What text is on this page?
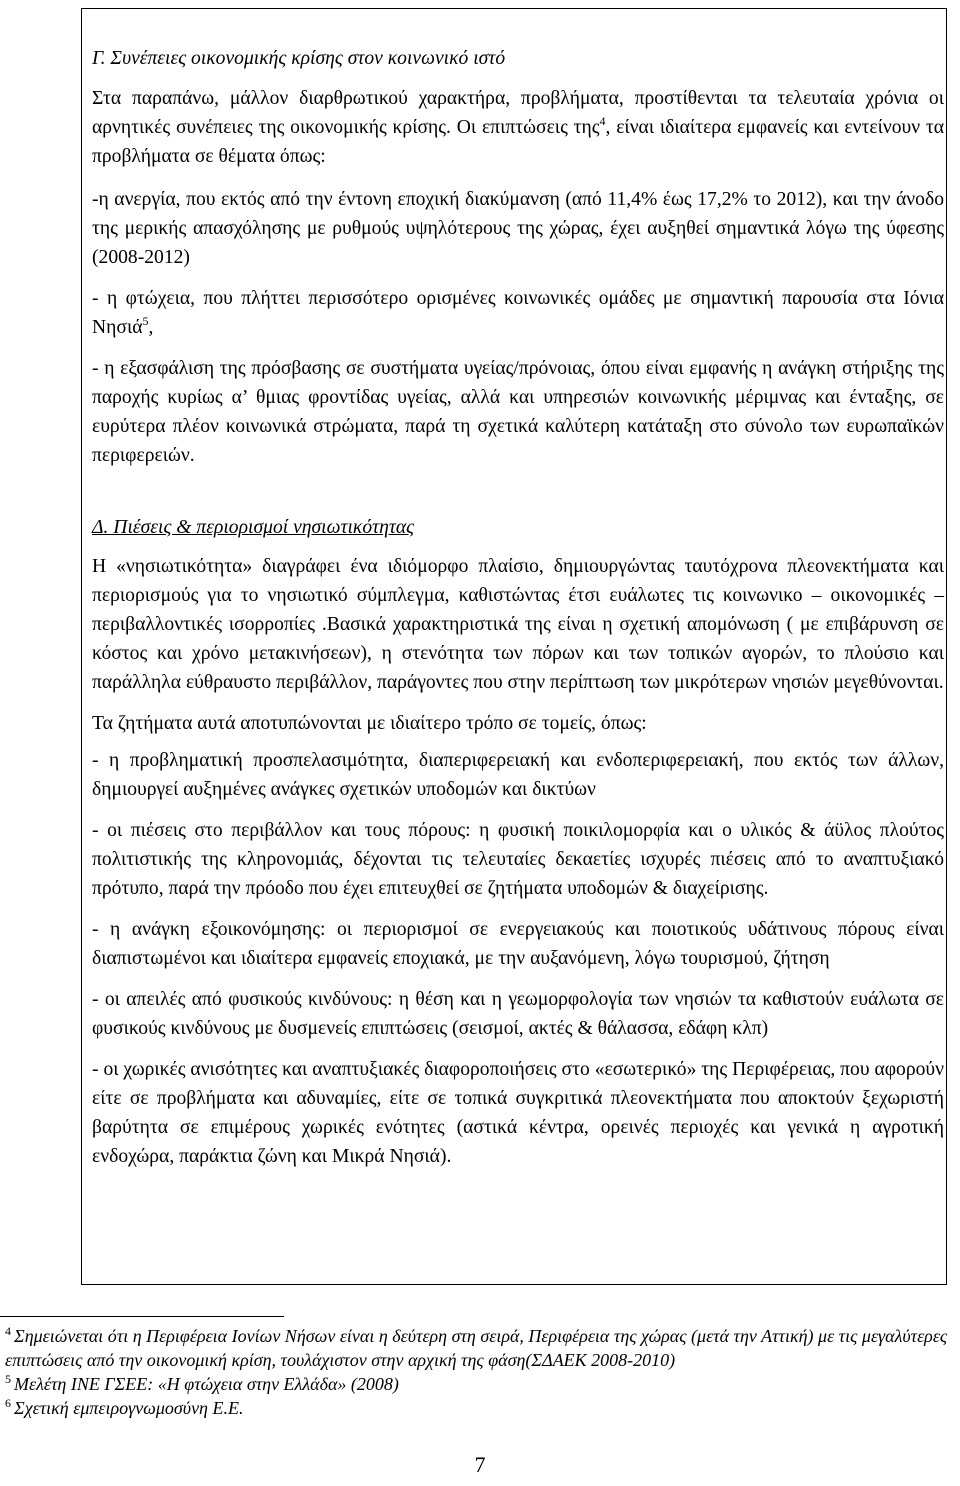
Γ. Συνέπειες οικονομικής κρίσης στον κοινωνικό ιστό

Στα παραπάνω, μάλλον διαρθρωτικού χαρακτήρα, προβλήματα, προστίθενται τα τελευταία χρόνια οι αρνητικές συνέπειες της οικονομικής κρίσης. Οι επιπτώσεις της$^4$, είναι ιδιαίτερα εμφανείς και εντείνουν τα προβλήματα σε θέματα όπως:

-η ανεργία, που εκτός από την έντονη εποχική διακύμανση (από 11,4% έως 17,2% το 2012), και την άνοδο της μερικής απασχόλησης με ρυθμούς υψηλότερους της χώρας, έχει αυξηθεί σημαντικά λόγω της ύφεσης (2008-2012)

- η φτώχεια, που πλήττει περισσότερο ορισμένες κοινωνικές ομάδες με σημαντική παρουσία στα Ιόνια Νησιά$^5$,

- η εξασφάλιση της πρόσβασης σε συστήματα υγείας/πρόνοιας, όπου είναι εμφανής η ανάγκη στήριξης της παροχής κυρίως α’ θμιας φροντίδας υγείας, αλλά και υπηρεσιών κοινωνικής μέριμνας και ένταξης, σε ευρύτερα πλέον κοινωνικά στρώματα, παρά τη σχετικά καλύτερη κατάταξη στο σύνολο των ευρωπαϊκών περιφερειών.

Δ. Πιέσεις & περιορισμοί νησιωτικότητας

Η «νησιωτικότητα» διαγράφει ένα ιδιόμορφο πλαίσιο, δημιουργώντας ταυτόχρονα πλεονεκτήματα και περιορισμούς για το νησιωτικό σύμπλεγμα, καθιστώντας έτσι ευάλωτες τις κοινωνικο – οικονομικές – περιβαλλοντικές ισορροπίες .Βασικά χαρακτηριστικά της είναι η σχετική απομόνωση ( με επιβάρυνση σε κόστος και χρόνο μετακινήσεων), η στενότητα των πόρων και των τοπικών αγορών, το πλούσιο και παράλληλα εύθραυστο περιβάλλον, παράγοντες που στην περίπτωση των μικρότερων νησιών μεγεθύνονται.

Τα ζητήματα αυτά αποτυπώνονται με ιδιαίτερο τρόπο σε τομείς, όπως:

- η προβληματική προσπελασιμότητα, διαπεριφερειακή και ενδοπεριφερειακή, που εκτός των άλλων, δημιουργεί αυξημένες ανάγκες σχετικών υποδομών και δικτύων

- οι πιέσεις στο περιβάλλον και τους πόρους: η φυσική ποικιλομορφία και ο υλικός & άϋλος πλούτος πολιτιστικής της κληρονομιάς, δέχονται τις τελευταίες δεκαετίες ισχυρές πιέσεις από το αναπτυξιακό πρότυπο, παρά την πρόοδο που έχει επιτευχθεί σε ζητήματα υποδομών & διαχείρισης.

- η ανάγκη εξοικονόμησης: οι περιορισμοί σε ενεργειακούς και ποιοτικούς υδάτινους πόρους είναι διαπιστωμένοι και ιδιαίτερα εμφανείς εποχιακά, με την αυξανόμενη, λόγω τουρισμού, ζήτηση

- οι απειλές από φυσικούς κινδύνους: η θέση και η γεωμορφολογία των νησιών τα καθιστούν ευάλωτα σε φυσικούς κινδύνους με δυσμενείς επιπτώσεις (σεισμοί, ακτές & θάλασσα, εδάφη κλπ)

- οι χωρικές ανισότητες και αναπτυξιακές διαφοροποιήσεις στο «εσωτερικό» της Περιφέρειας, που αφορούν είτε σε προβλήματα και αδυναμίες, είτε σε τοπικά συγκριτικά πλεονεκτήματα που αποκτούν ξεχωριστή βαρύτητα σε επιμέρους χωρικές ενότητες (αστικά κέντρα, ορεινές περιοχές και γενικά η αγροτική ενδοχώρα, παράκτια ζώνη και Μικρά Νησιά).

$^4$ Σημειώνεται ότι η Περιφέρεια Ιονίων Νήσων είναι η δεύτερη στη σειρά, Περιφέρεια της χώρας (μετά την Αττική) με τις μεγαλύτερες επιπτώσεις από την οικονομική κρίση, τουλάχιστον στην αρχική της φάση(ΣΔΑΕΚ 2008-2010)
$^5$ Μελέτη ΙΝΕ ΓΣΕΕ: «Η φτώχεια στην Ελλάδα» (2008)
$^6$ Σχετική εμπειρογνωμοσύνη Ε.Ε.
7
